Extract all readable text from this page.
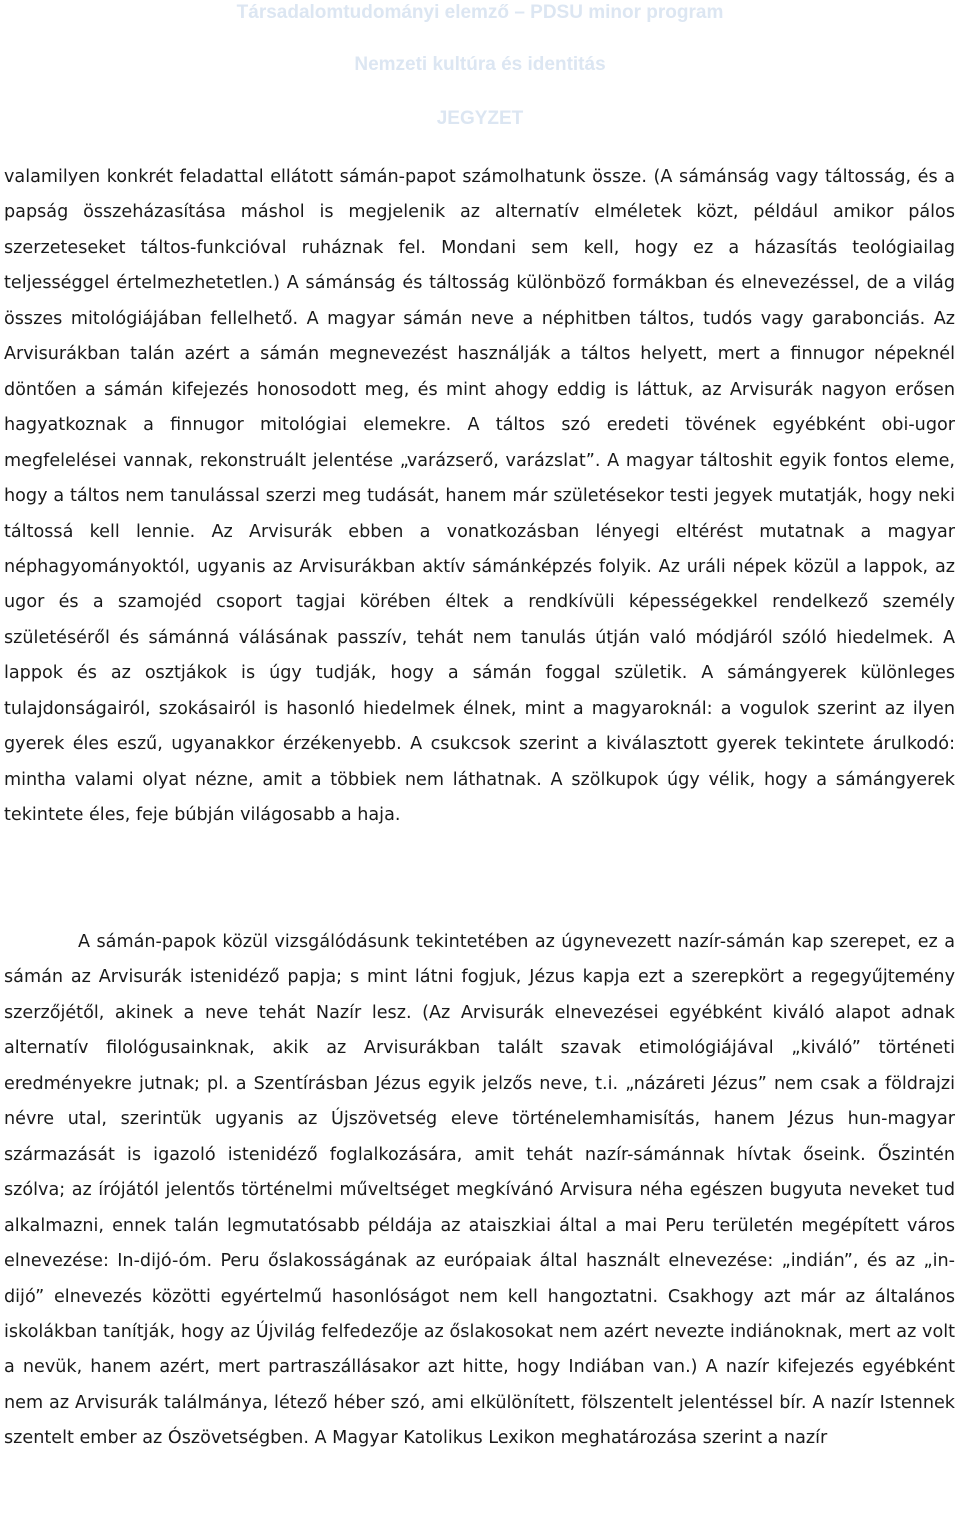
Társadalomtudományi elemző – PDSU minor program
Nemzeti kultúra és identitás
JEGYZET

valamilyen konkrét feladattal ellátott sámán-papot számolhatunk össze. (A sámánság vagy táltosság, és a papság összeházasítása máshol is megjelenik az alternatív elméletek közt, például amikor pálos szerzeteseket táltos-funkcióval ruháznak fel. Mondani sem kell, hogy ez a házasítás teológiailag teljességgel értelmezhetetlen.) A sámánság és táltosság különböző formákban és elnevezéssel, de a világ összes mitológiájában fellelhető. A magyar sámán neve a néphitben táltos, tudós vagy garabonciás. Az Arvisurákban talán azért a sámán megnevezést használják a táltos helyett, mert a finnugor népeknél döntően a sámán kifejezés honosodott meg, és mint ahogy eddig is láttuk, az Arvisurák nagyon erősen hagyatkoznak a finnugor mitológiai elemekre. A táltos szó eredeti tövének egyébként obi-ugor megfelelései vannak, rekonstruált jelentése „varázserő, varázslat”. A magyar táltoshit egyik fontos eleme, hogy a táltos nem tanulással szerzi meg tudását, hanem már születésekor testi jegyek mutatják, hogy neki táltossá kell lennie. Az Arvisurák ebben a vonatkozásban lényegi eltérést mutatnak a magyar néphagyományoktól, ugyanis az Arvisurákban aktív sámánképzés folyik. Az uráli népek közül a lappok, az ugor és a szamojéd csoport tagjai körében éltek a rendkívüli képességekkel rendelkező személy születéséről és sámánná válásának passzív, tehát nem tanulás útján való módjáról szóló hiedelmek. A lappok és az osztjákok is úgy tudják, hogy a sámán foggal születik. A sámángyerek különleges tulajdonságairól, szokásairól is hasonló hiedelmek élnek, mint a magyaroknál: a vogulok szerint az ilyen gyerek éles eszű, ugyanakkor érzékenyebb. A csukcsok szerint a kiválasztott gyerek tekintete árulkodó: mintha valami olyat nézne, amit a többiek nem láthatnak. A szölkupok úgy vélik, hogy a sámángyerek tekintete éles, feje búbján világosabb a haja.

A sámán-papok közül vizsgálódásunk tekintetében az úgynevezett nazír-sámán kap szerepet, ez a sámán az Arvisurák istenidéző papja; s mint látni fogjuk, Jézus kapja ezt a szerepkört a regegyűjtemény szerzőjétől, akinek a neve tehát Nazír lesz. (Az Arvisurák elnevezései egyébként kiváló alapot adnak alternatív filológusainknak, akik az Arvisurákban talált szavak etimológiájával „kiváló” történeti eredményekre jutnak; pl. a Szentírásban Jézus egyik jelzős neve, t.i. „názáreti Jézus” nem csak a földrajzi névre utal, szerintük ugyanis az Újszövetség eleve történelemhamisítás, hanem Jézus hun-magyar származását is igazoló istenidéző foglalkozására, amit tehát nazír-sámánnak hívtak őseink. Őszintén szólva; az írójától jelentős történelmi műveltséget megkívánó Arvisura néha egészen bugyuta neveket tud alkalmazni, ennek talán legmutatósabb példája az ataiszkiai által a mai Peru területén megépített város elnevezése: In-dijó-óm. Peru őslakosságának az európaiak által használt elnevezése: „indián”, és az „in-dijó” elnevezés közötti egyértelmű hasonlóságot nem kell hangoztatni. Csakhogy azt már az általános iskolákban tanítják, hogy az Újvilág felfedezője az őslakosokat nem azért nevezte indiánoknak, mert az volt a nevük, hanem azért, mert partraszállásakor azt hitte, hogy Indiában van.) A nazír kifejezés egyébként nem az Arvisurák találmánya, létező héber szó, ami elkülönített, fölszentelt jelentéssel bír. A nazír Istennek szentelt ember az Ószövetségben. A Magyar Katolikus Lexikon meghatározása szerint a nazír
